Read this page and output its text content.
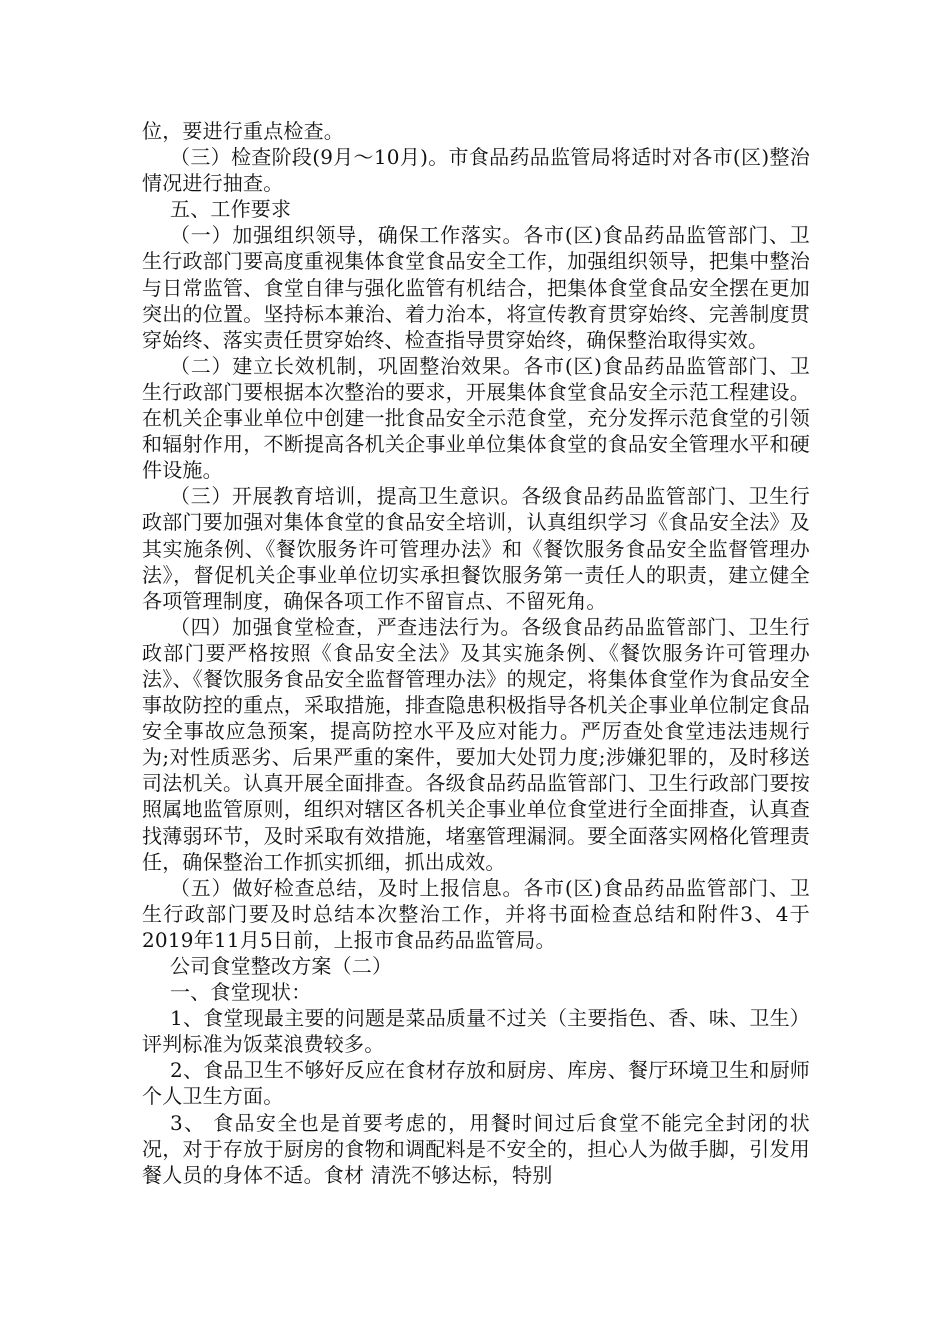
位，要进行重点检查。

（三）检查阶段(9月～10月)。市食品药品监管局将适时对各市(区)整治情况进行抽查。

五、工作要求

（一）加强组织领导，确保工作落实。各市(区)食品药品监管部门、卫生行政部门要高度重视集体食堂食品安全工作，加强组织领导，把集中整治与日常监管、食堂自律与强化监管有机结合，把集体食堂食品安全摆在更加突出的位置。坚持标本兼治、着力治本，将宣传教育贯穿始终、完善制度贯穿始终、落实责任贯穿始终、检查指导贯穿始终，确保整治取得实效。

（二）建立长效机制，巩固整治效果。各市(区)食品药品监管部门、卫生行政部门要根据本次整治的要求，开展集体食堂食品安全示范工程建设。在机关企事业单位中创建一批食品安全示范食堂，充分发挥示范食堂的引领和辐射作用，不断提高各机关企事业单位集体食堂的食品安全管理水平和硬件设施。

（三）开展教育培训，提高卫生意识。各级食品药品监管部门、卫生行政部门要加强对集体食堂的食品安全培训，认真组织学习《食品安全法》及其实施条例、《餐饮服务许可管理办法》和《餐饮服务食品安全监督管理办法》，督促机关企事业单位切实承担餐饮服务第一责任人的职责，建立健全各项管理制度，确保各项工作不留盲点、不留死角。

（四）加强食堂检查，严查违法行为。各级食品药品监管部门、卫生行政部门要严格按照《食品安全法》及其实施条例、《餐饮服务许可管理办法》、《餐饮服务食品安全监督管理办法》的规定，将集体食堂作为食品安全事故防控的重点，采取措施，排查隐患积极指导各机关企事业单位制定食品安全事故应急预案，提高防控水平及应对能力。严厉查处食堂违法违规行为;对性质恶劣、后果严重的案件，要加大处罚力度;涉嫌犯罪的，及时移送司法机关。认真开展全面排查。各级食品药品监管部门、卫生行政部门要按照属地监管原则，组织对辖区各机关企事业单位食堂进行全面排查，认真查找薄弱环节，及时采取有效措施，堵塞管理漏洞。要全面落实网格化管理责任，确保整治工作抓实抓细，抓出成效。

（五）做好检查总结，及时上报信息。各市(区)食品药品监管部门、卫生行政部门要及时总结本次整治工作，并将书面检查总结和附件3、4于2019年11月5日前，上报市食品药品监管局。

公司食堂整改方案（二）

一、食堂现状：

1、食堂现最主要的问题是菜品质量不过关（主要指色、香、味、卫生）评判标准为饭菜浪费较多。

2、食品卫生不够好反应在食材存放和厨房、库房、餐厅环境卫生和厨师个人卫生方面。

3、 食品安全也是首要考虑的，用餐时间过后食堂不能完全封闭的状况，对于存放于厨房的食物和调配料是不安全的，担心人为做手脚，引发用餐人员的身体不适。食材 清洗不够达标，特别
